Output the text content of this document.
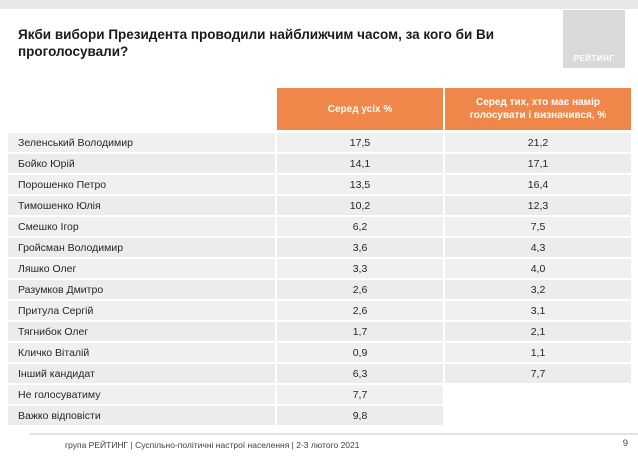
Якби вибори Президента проводили найближчим часом, за кого би Ви проголосували?	РЕЙТИНГ
Серед усіх %
Серед тих, хто має намір голосувати і визначився, %
Зеленський Володимир	17,5	21,2
Бойко Юрій	14,1	17,1
Порошенко Петро	13,5	16,4
Тимошенко Юлія	10,2	12,3
Смешко Ігор	6,2	7,5
Гройсман Володимир	3,6	4,3
Ляшко Олег	3,3	4,0
Разумков Дмитро	2,6	3,2
Притула Сергій	2,6	3,1
Тягнибок Олег	1,7	2,1
Кличко Віталій	0,9	1,1
Інший кандидат	6,3	7,7
Не голосуватиму	7,7
Важко відповісти	9,8
група РЕЙТИНГ | Суспільно-політичні настрої населення | 2-3 лютого 2021	9
